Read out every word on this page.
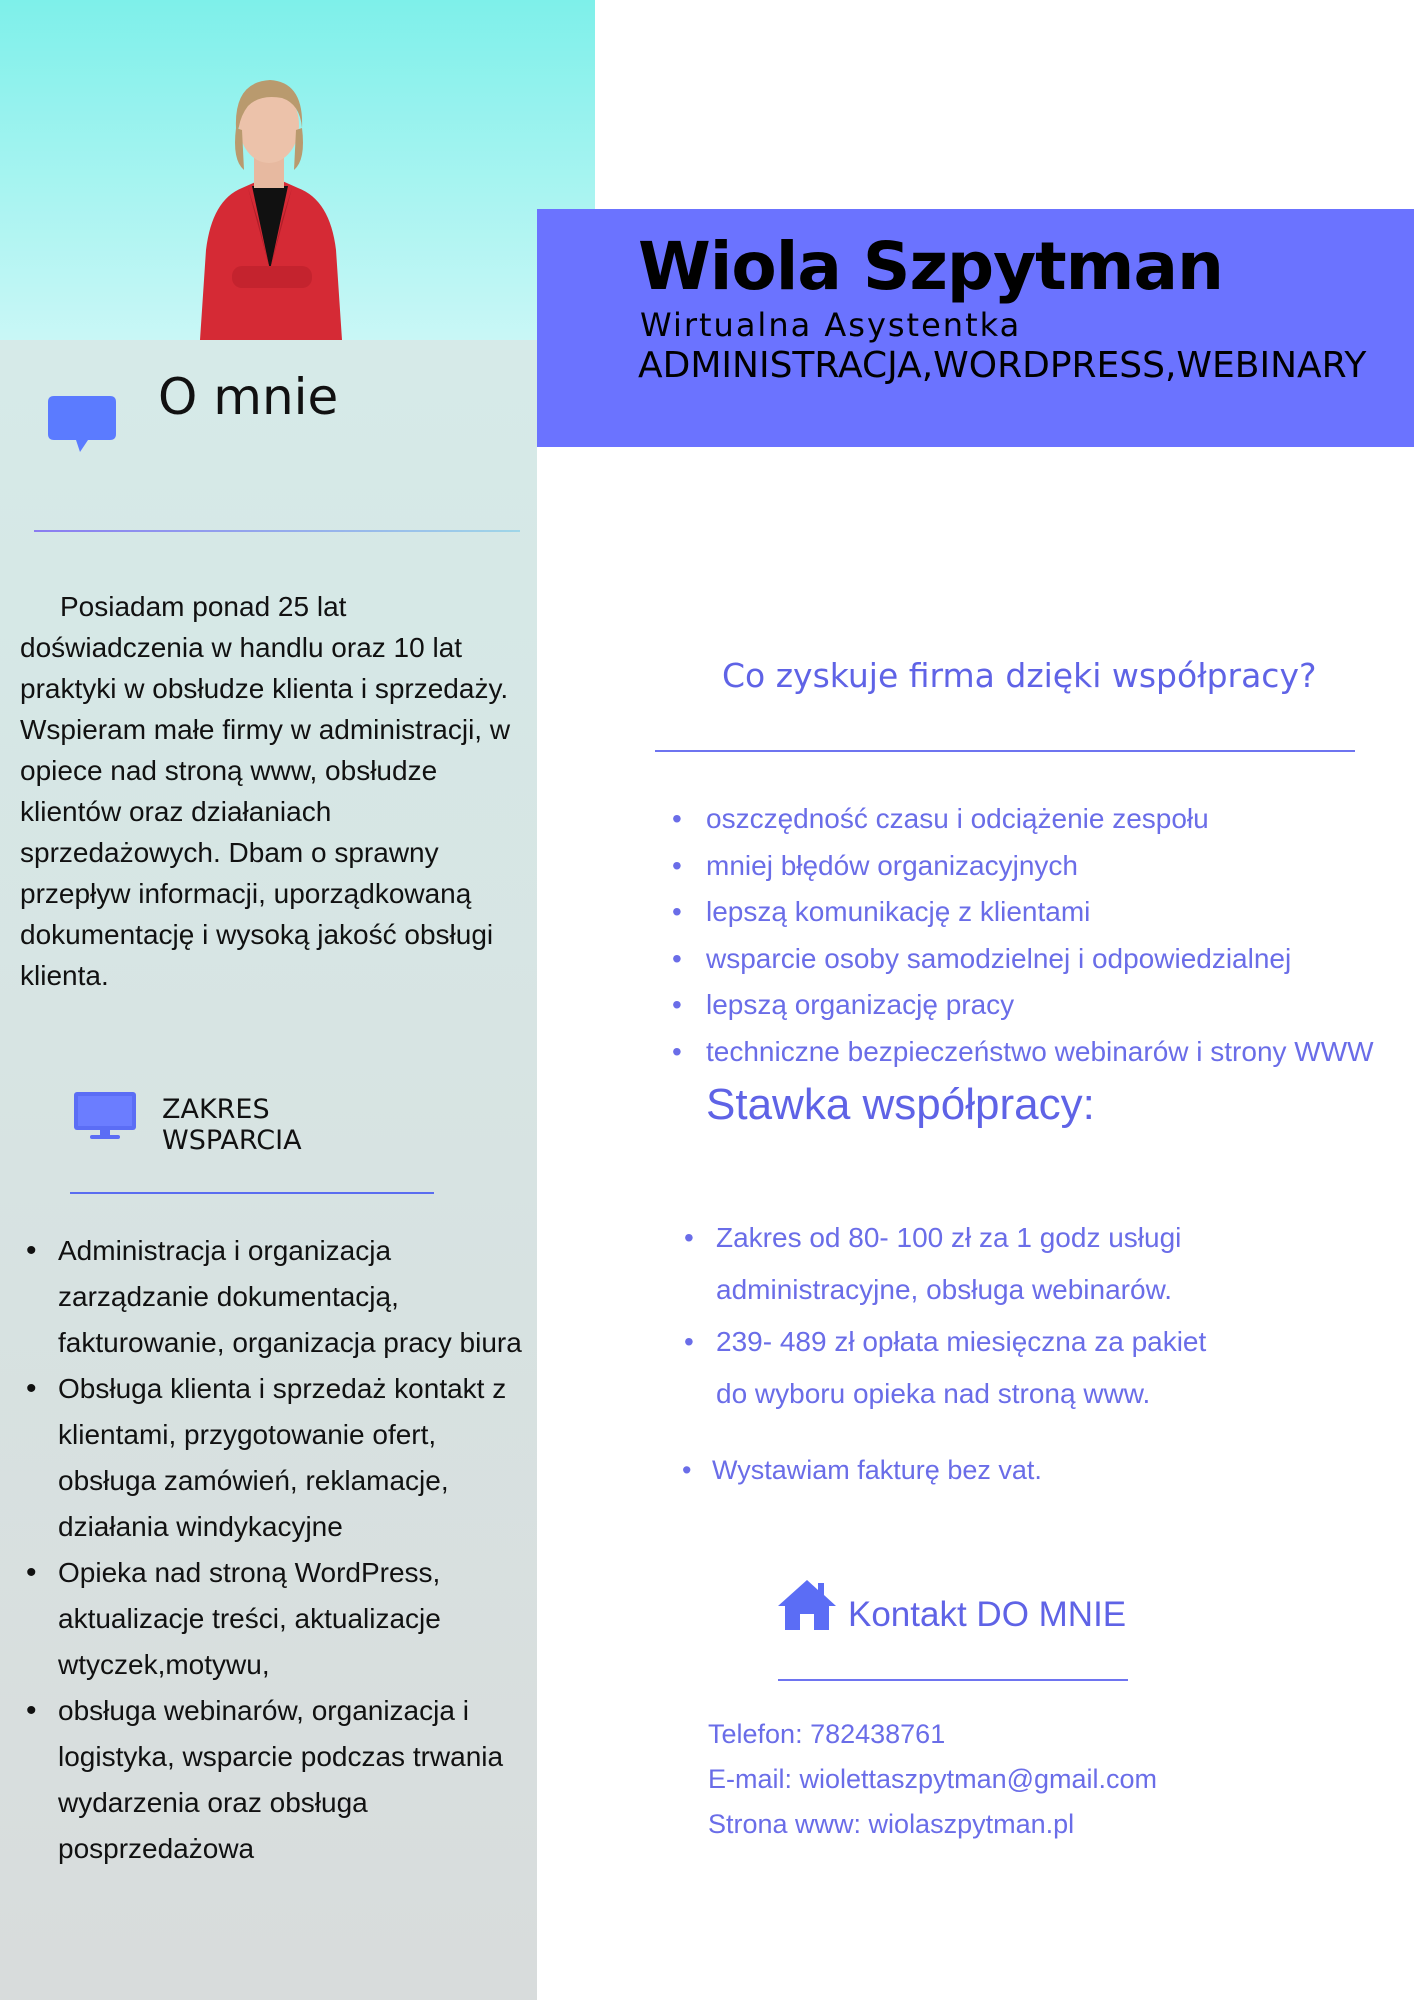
Wiola Szpytman
Wirtualna Asystentka
ADMINISTRACJA,WORDPRESS,WEBINARY
O mnie

Posiadam ponad 25 lat doświadczenia w handlu oraz 10 lat praktyki w obsłudze klienta i sprzedaży. Wspieram małe firmy w administracji, w opiece nad stroną www, obsłudze klientów oraz działaniach sprzedażowych. Dbam o sprawny przepływ informacji, uporządkowaną dokumentację i wysoką jakość obsługi klienta.

ZAKRES
WSPARCIA
• Administracja i organizacja zarządzanie dokumentacją, fakturowanie, organizacja pracy biura
• Obsługa klienta i sprzedaż kontakt z klientami, przygotowanie ofert, obsługa zamówień, reklamacje, działania windykacyjne
• Opieka nad stroną WordPress, aktualizacje treści, aktualizacje wtyczek,motywu,
• obsługa webinarów, organizacja i logistyka, wsparcie podczas trwania wydarzenia oraz obsługa posprzedażowa
Co zyskuje firma dzięki współpracy?
• oszczędność czasu i odciążenie zespołu
• mniej błędów organizacyjnych
• lepszą komunikację z klientami
• wsparcie osoby samodzielnej i odpowiedzialnej
• lepszą organizację pracy
• techniczne bezpieczeństwo webinarów i strony WWW
Stawka współpracy:
• Zakres od 80- 100 zł za 1 godz usługi administracyjne, obsługa webinarów.
• 239- 489 zł opłata miesięczna za pakiet do wyboru opieka nad stroną www.
• Wystawiam fakturę bez vat.
Kontakt DO MNIE
Telefon: 782438761
E-mail: wiolettaszpytman@gmail.com
Strona www: wiolaszpytman.pl
